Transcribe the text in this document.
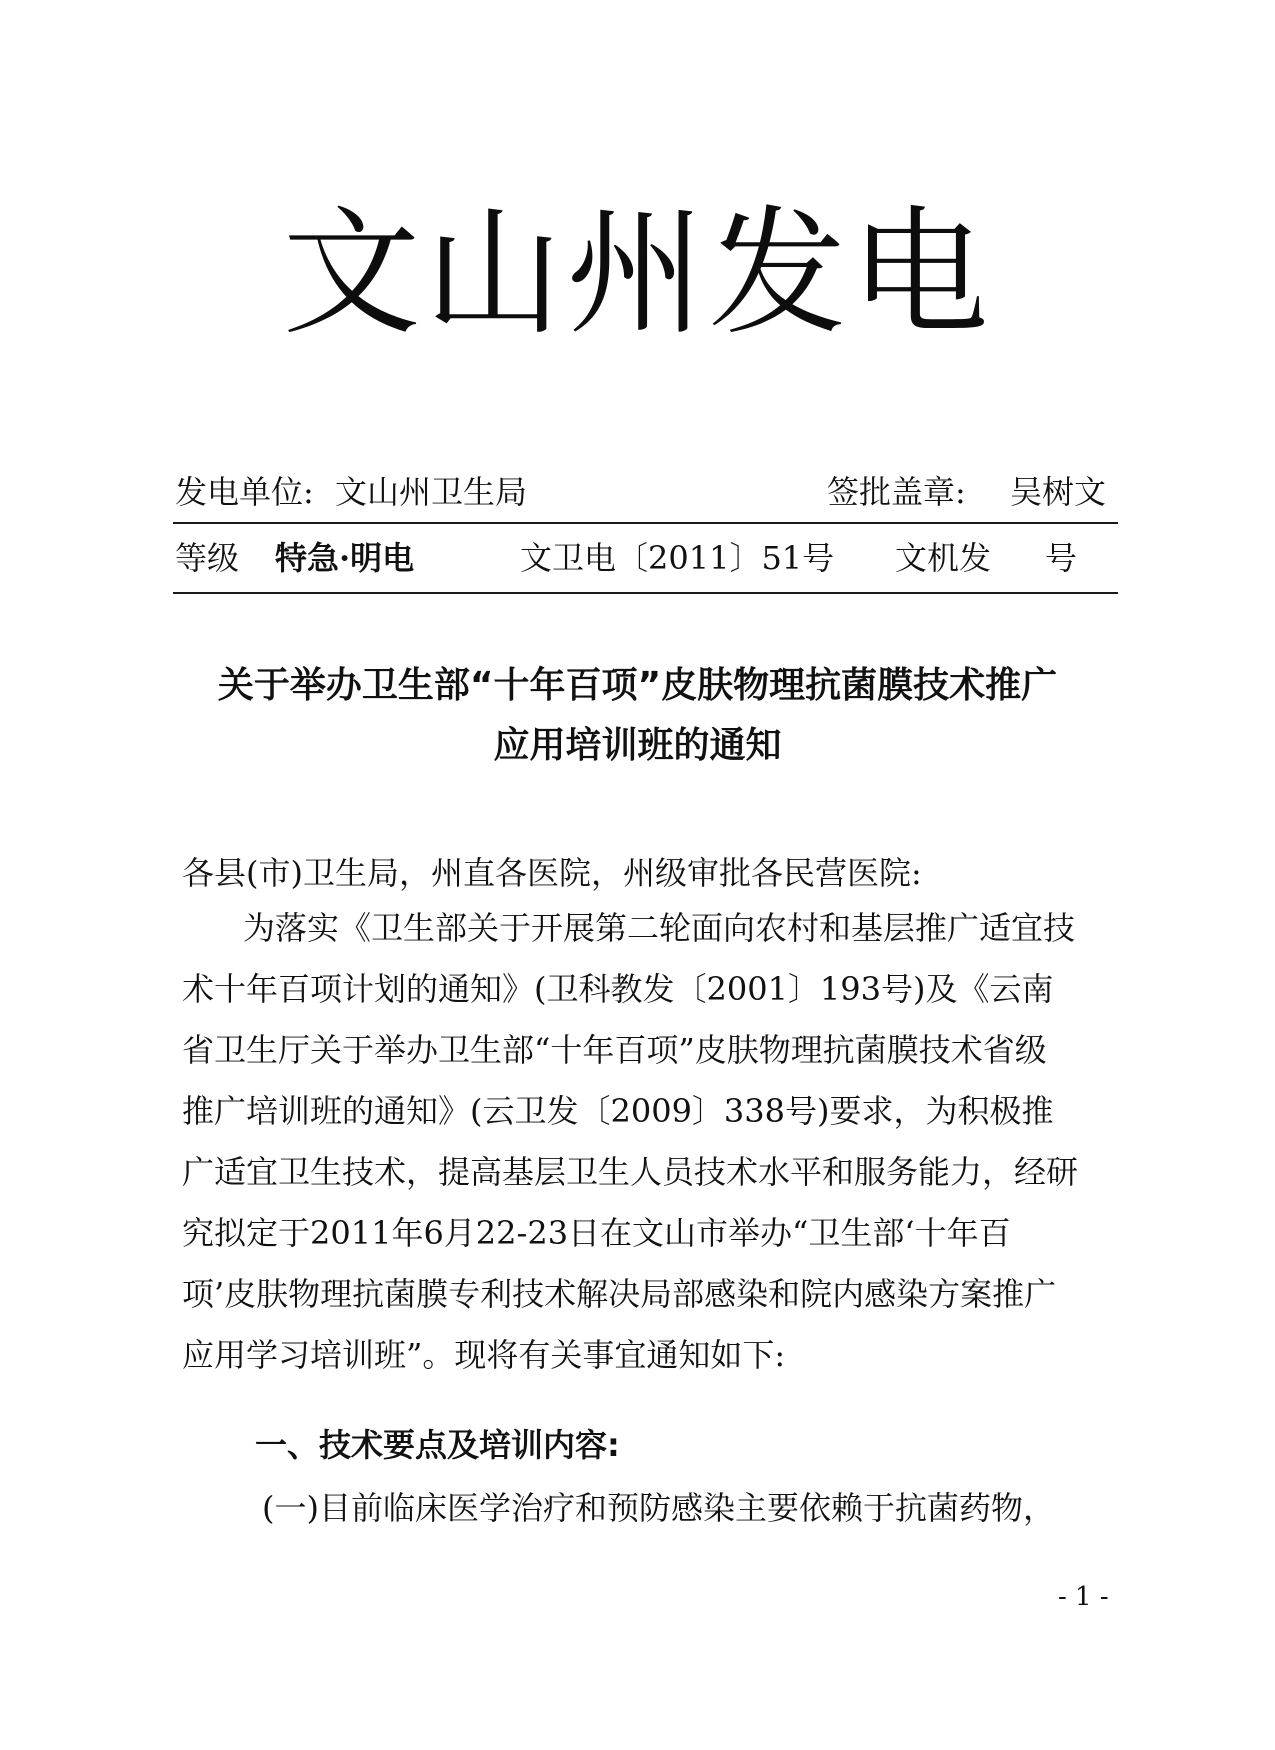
文山州发电
发电单位: 文山州卫生局	签批盖章: 吴树文
等级 特急·明电	文卫电〔2011〕51号 文机发 号
关于举办卫生部“十年百项”皮肤物理抗菌膜技术推广
应用培训班的通知
各县(市)卫生局，州直各医院，州级审批各民营医院:
为落实《卫生部关于开展第二轮面向农村和基层推广适宜技
术十年百项计划的通知》(卫科教发〔2001〕193号)及《云南
省卫生厅关于举办卫生部“十年百项”皮肤物理抗菌膜技术省级
推广培训班的通知》(云卫发〔2009〕338号)要求，为积极推
广适宜卫生技术，提高基层卫生人员技术水平和服务能力，经研
究拟定于2011年6月22-23日在文山市举办“卫生部‘十年百
项’皮肤物理抗菌膜专利技术解决局部感染和院内感染方案推广
应用学习培训班”。现将有关事宜通知如下:
一、技术要点及培训内容:
(一)目前临床医学治疗和预防感染主要依赖于抗菌药物，
- 1 -
